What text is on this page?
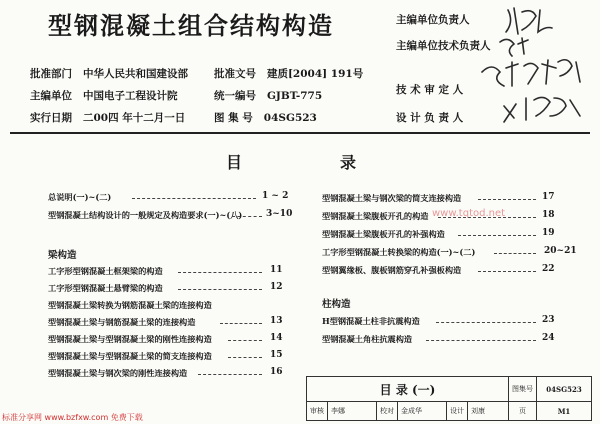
型钢混凝土组合结构构造
批准部门 中华人民共和国建设部
主编单位 中国电子工程设计院
实行日期 二00四 年十二月一日
批准文号 建质[2004] 191号
统一编号 GJBT-775
图 集 号 04SG523
主编单位负责人
主编单位技术负责人
技 术 审 定 人
设 计 负 责 人
目	录
总说明(一)~(二)	1 ~ 2
型钢混凝土结构设计的一般规定及构造要求(一)~(八)	3~10
梁构造
工字形型钢混凝土框架梁的构造	11
工字形型钢混凝土悬臂梁的构造	12
型钢混凝土梁转换为钢筋混凝土梁的连接构造
型钢混凝土梁与钢筋混凝土梁的连接构造	13
型钢混凝土梁与型钢混凝土梁的刚性连接构造	14
型钢混凝土梁与型钢混凝土梁的简支连接构造	15
型钢混凝土梁与钢次梁的刚性连接构造	16
型钢混凝土梁与钢次梁的简支连接构造	17
型钢混凝土梁腹板开孔的构造	18
型钢混凝土梁腹板开孔的补强构造	19
工字形型钢混凝土转换梁的构造(一)~(二)	20~21
型钢翼缘板、腹板钢筋穿孔补强板构造	22
柱构造
H型钢混凝土柱非抗震构造	23
型钢混凝土角柱抗震构造	24
www.tqtod.net
目 录 (一)						图集号	04SG523
审核	李娜	校对	金成华	设计	刘康	页	M1
标准分享网 www.bzfxw.com 免费下载
